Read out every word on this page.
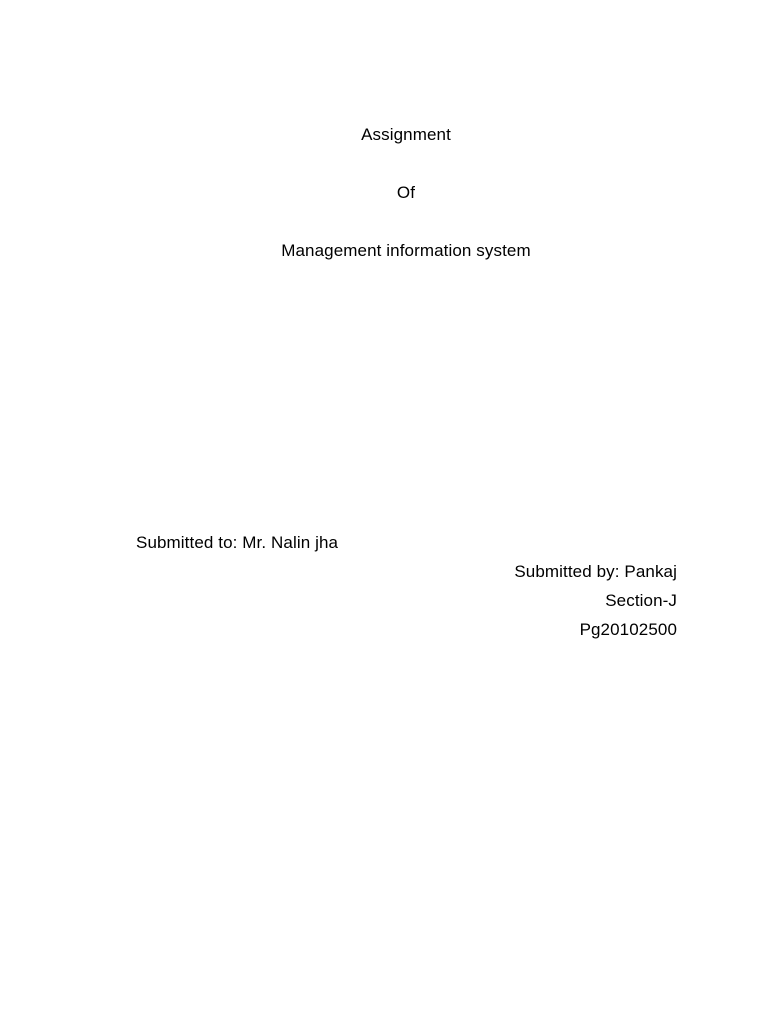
Assignment
Of
Management information system
Submitted to: Mr. Nalin jha
Submitted by: Pankaj
Section-J
Pg20102500
